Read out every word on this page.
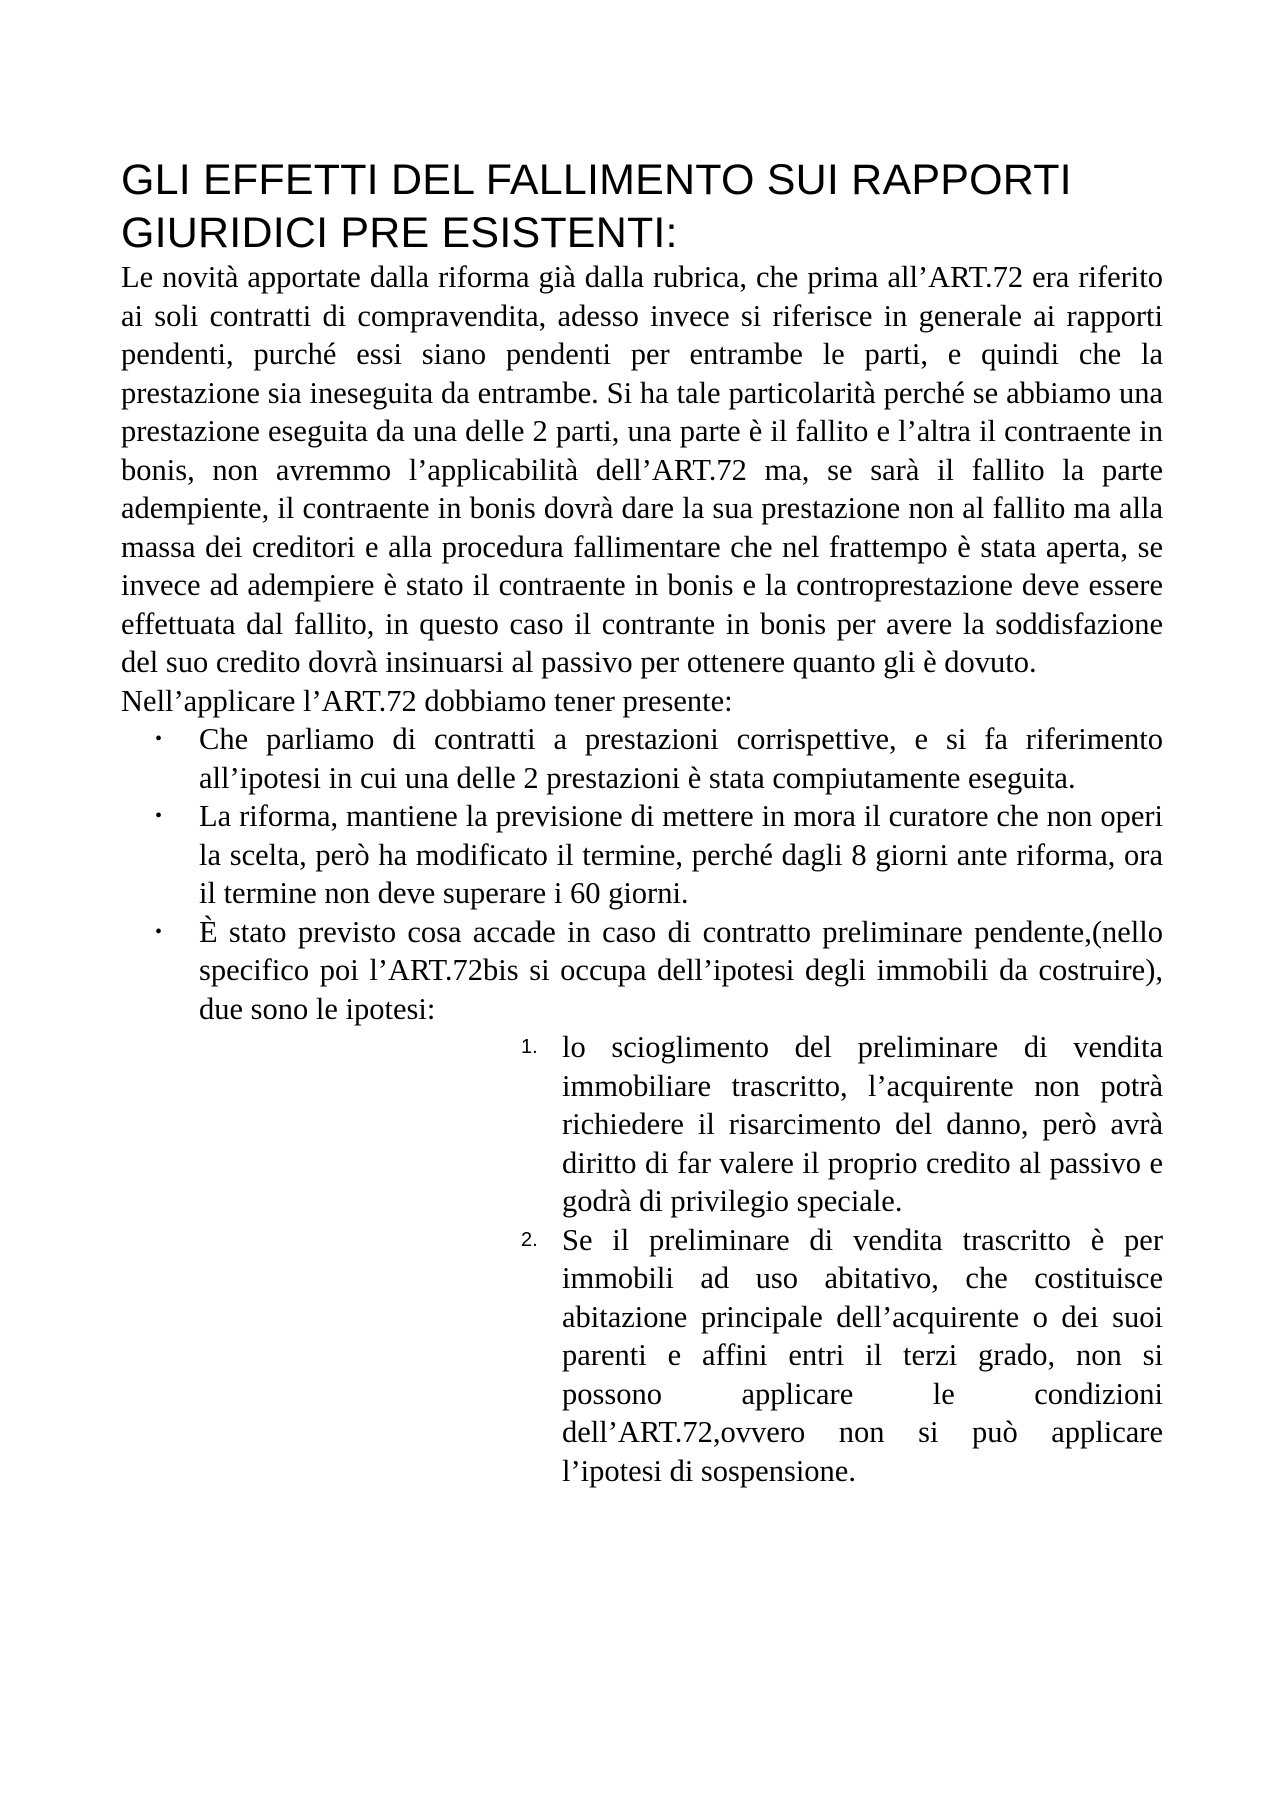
GLI EFFETTI DEL FALLIMENTO SUI RAPPORTI
GIURIDICI PRE ESISTENTI:

Le novità apportate dalla riforma già dalla rubrica, che prima all’ART.72 era riferito ai soli contratti di compravendita, adesso invece si riferisce in generale ai rapporti pendenti, purché essi siano pendenti per entrambe le parti, e quindi che la prestazione sia ineseguita da entrambe. Si ha tale particolarità perché se abbiamo una prestazione eseguita da una delle 2 parti, una parte è il fallito e l’altra il contraente in bonis, non avremmo l’applicabilità dell’ART.72 ma, se sarà il fallito la parte adempiente, il contraente in bonis dovrà dare la sua prestazione non al fallito ma alla massa dei creditori e alla procedura fallimentare che nel frattempo è stata aperta, se invece ad adempiere è stato il contraente in bonis e la controprestazione deve essere effettuata dal fallito, in questo caso il contrante in bonis per avere la soddisfazione del suo credito dovrà insinuarsi al passivo per ottenere quanto gli è dovuto.

Nell’applicare l’ART.72 dobbiamo tener presente:

• Che parliamo di contratti a prestazioni corrispettive, e si fa riferimento all’ipotesi in cui una delle 2 prestazioni è stata compiutamente eseguita.
• La riforma, mantiene la previsione di mettere in mora il curatore che non operi la scelta, però ha modificato il termine, perché dagli 8 giorni ante riforma, ora il termine non deve superare i 60 giorni.
• È stato previsto cosa accade in caso di contratto preliminare pendente,(nello specifico poi l’ART.72bis si occupa dell’ipotesi degli immobili da costruire), due sono le ipotesi:
1. lo scioglimento del preliminare di vendita immobiliare trascritto, l’acquirente non potrà richiedere il risarcimento del danno, però avrà diritto di far valere il proprio credito al passivo e godrà di privilegio speciale.
2. Se il preliminare di vendita trascritto è per immobili ad uso abitativo, che costituisce abitazione principale dell’acquirente o dei suoi parenti e affini entri il terzi grado, non si possono applicare le condizioni dell’ART.72,ovvero non si può applicare l’ipotesi di sospensione.
